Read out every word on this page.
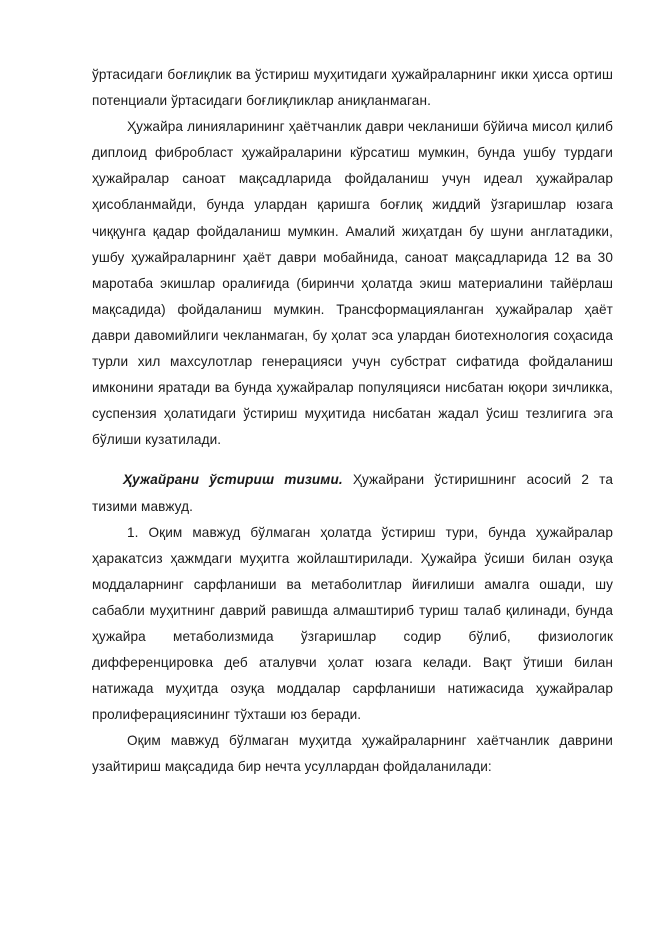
ўртасидаги боғлиқлик ва ўстириш муҳитидаги ҳужайраларнинг икки ҳисса ортиш потенциали ўртасидаги боғлиқликлар аниқланмаган.

Ҳужайра линияларининг ҳаётчанлик даври чекланиши бўйича мисол қилиб диплоид фибробласт ҳужайраларини кўрсатиш мумкин, бунда ушбу турдаги ҳужайралар саноат мақсадларида фойдаланиш учун идеал ҳужайралар ҳисобланмайди, бунда улардан қаришга боғлиқ жиддий ўзгаришлар юзага чиққунга қадар фойдаланиш мумкин. Амалий жиҳатдан бу шуни англатадики, ушбу ҳужайраларнинг ҳаёт даври мобайнида, саноат мақсадларида 12 ва 30 маротаба экишлар оралиғида (биринчи ҳолатда экиш материалини тайёрлаш мақсадида) фойдаланиш мумкин. Трансформацияланган ҳужайралар ҳаёт даври давомийлиги чекланмаган, бу ҳолат эса улардан биотехнология соҳасида турли хил махсулотлар генерацияси учун субстрат сифатида фойдаланиш имконини яратади ва бунда ҳужайралар популяцияси нисбатан юқори зичликка, суспензия ҳолатидаги ўстириш муҳитида нисбатан жадал ўсиш тезлигига эга бўлиши кузатилади.

Ҳужайрани ўстириш тизими. Ҳужайрани ўстиришнинг асосий 2 та тизими мавжуд.

1. Оқим мавжуд бўлмаган ҳолатда ўстириш тури, бунда ҳужайралар ҳаракатсиз ҳажмдаги муҳитга жойлаштирилади. Ҳужайра ўсиши билан озуқа моддаларнинг сарфланиши ва метаболитлар йиғилиши амалга ошади, шу сабабли муҳитнинг даврий равишда алмаштириб туриш талаб қилинади, бунда ҳужайра метаболизмида ўзгаришлар содир бўлиб, физиологик дифференцировка деб аталувчи ҳолат юзага келади. Вақт ўтиши билан натижада муҳитда озуқа моддалар сарфланиши натижасида ҳужайралар пролиферациясининг тўхташи юз беради.

Оқим мавжуд бўлмаган муҳитда ҳужайраларнинг хаётчанлик даврини узайтириш мақсадида бир нечта усуллардан фойдаланилади:
